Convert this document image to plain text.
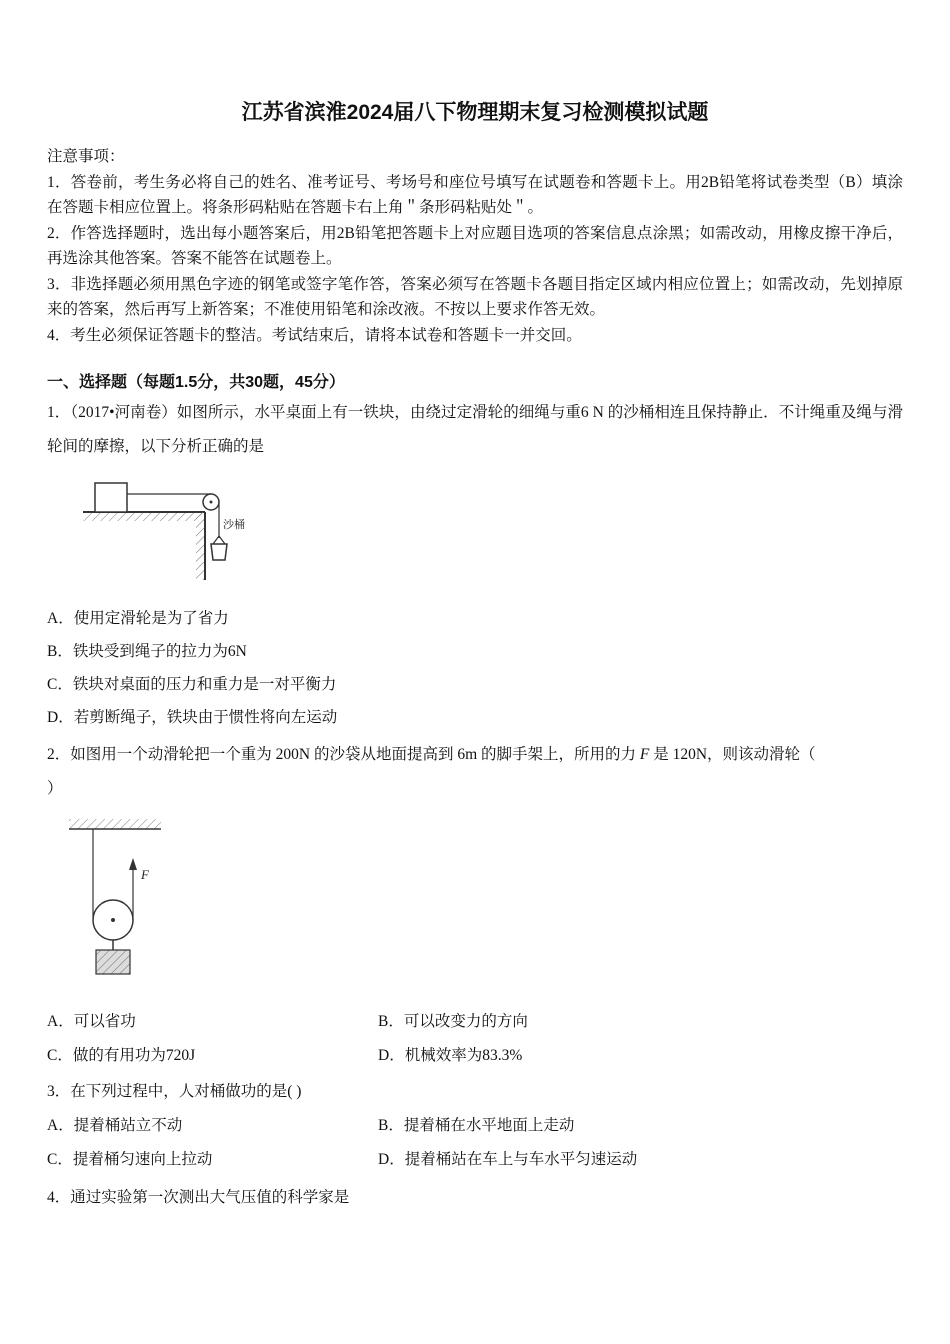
江苏省滨淮2024届八下物理期末复习检测模拟试题

注意事项：

1．答卷前，考生务必将自己的姓名、准考证号、考场号和座位号填写在试题卷和答题卡上。用2B铅笔将试卷类型（B）填涂在答题卡相应位置上。将条形码粘贴在答题卡右上角＂条形码粘贴处＂。

2．作答选择题时，选出每小题答案后，用2B铅笔把答题卡上对应题目选项的答案信息点涂黑；如需改动，用橡皮擦干净后，再选涂其他答案。答案不能答在试题卷上。

3．非选择题必须用黑色字迹的钢笔或签字笔作答，答案必须写在答题卡各题目指定区域内相应位置上；如需改动，先划掉原来的答案，然后再写上新答案；不准使用铅笔和涂改液。不按以上要求作答无效。

4．考生必须保证答题卡的整洁。考试结束后，请将本试卷和答题卡一并交回。

一、选择题（每题1.5分，共30题，45分）

1．（2017•河南卷）如图所示，水平桌面上有一铁块，由绕过定滑轮的细绳与重6 N 的沙桶相连且保持静止．不计绳重及绳与滑轮间的摩擦，以下分析正确的是

沙桶

A．使用定滑轮是为了省力

B．铁块受到绳子的拉力为6N

C．铁块对桌面的压力和重力是一对平衡力

D．若剪断绳子，铁块由于惯性将向左运动

2．如图用一个动滑轮把一个重为 200N 的沙袋从地面提高到 6m 的脚手架上，所用的力 F 是 120N，则该动滑轮（

）

F
A．可以省功	B．可以改变力的方向
C．做的有用功为720J	D．机械效率为83.3%

3．在下列过程中，人对桶做功的是( )

A．提着桶站立不动	B．提着桶在水平地面上走动
C．提着桶匀速向上拉动	D．提着桶站在车上与车水平匀速运动

4．通过实验第一次测出大气压值的科学家是
